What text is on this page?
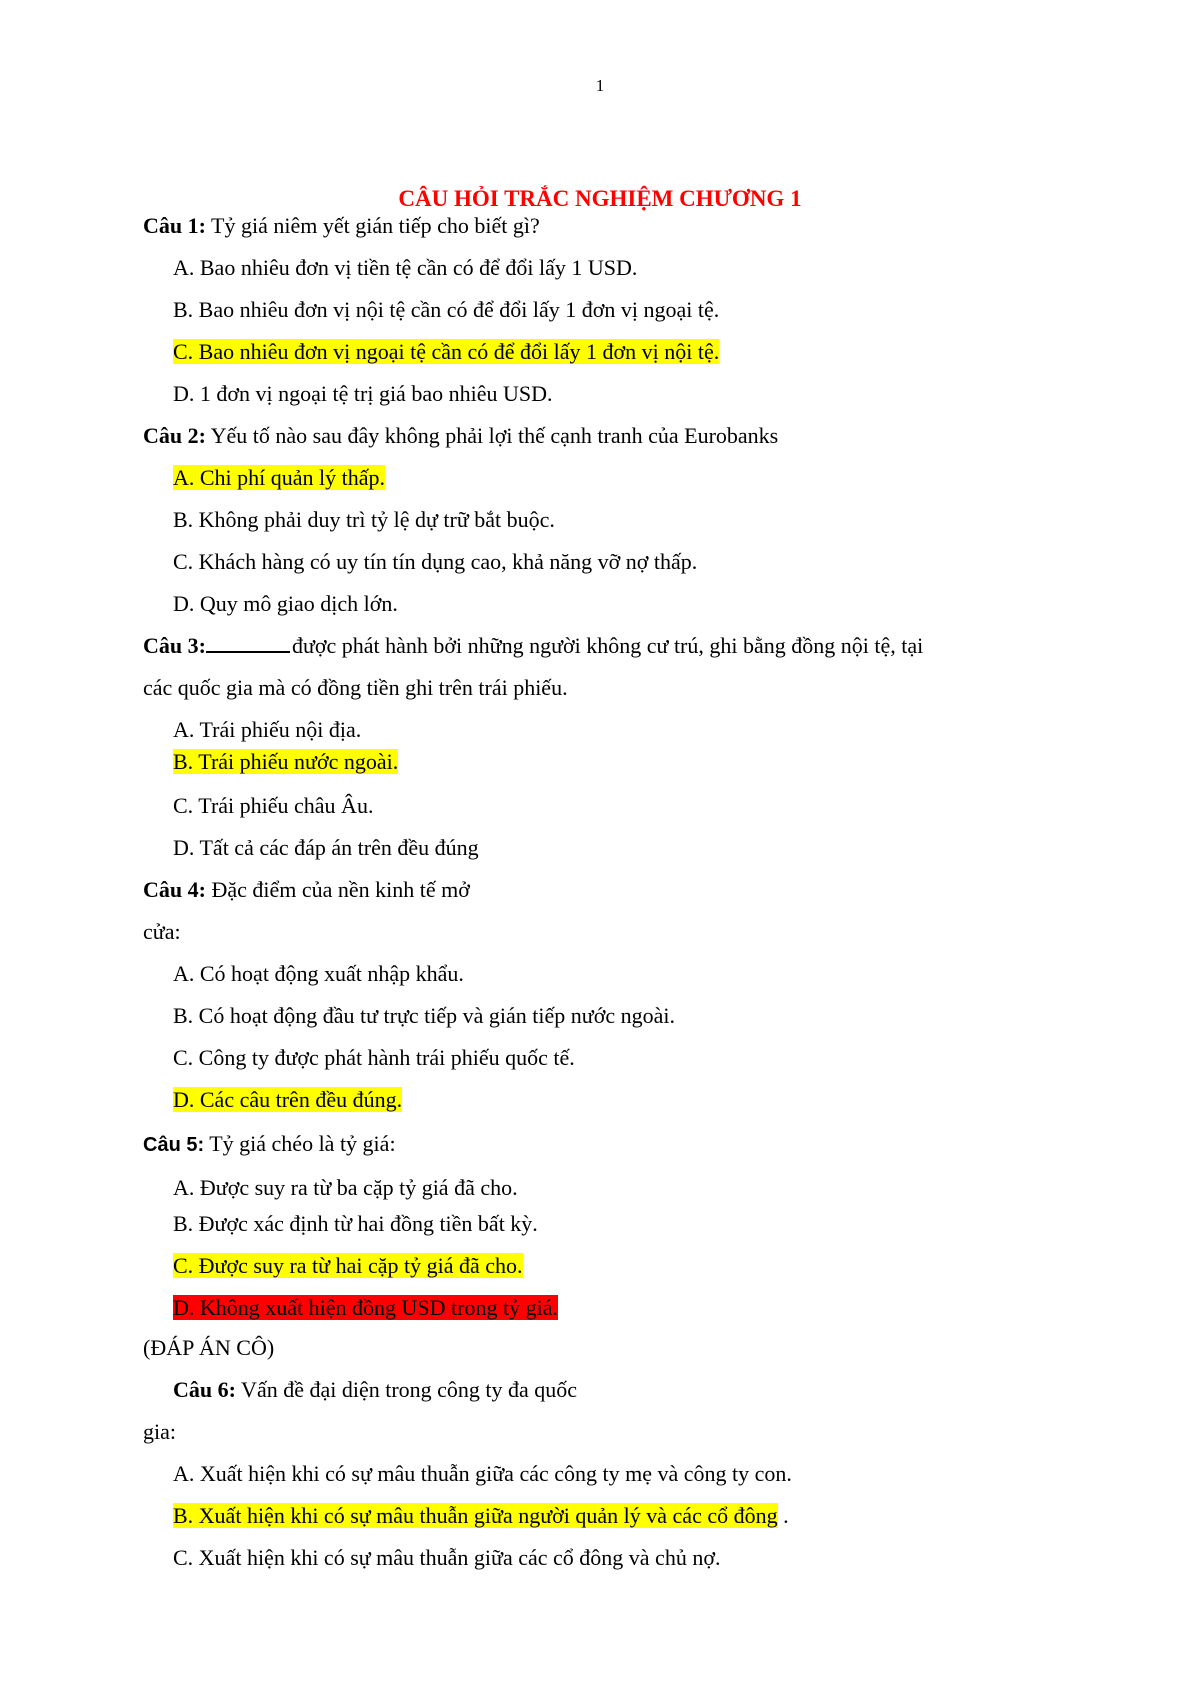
1
CÂU HỎI TRẮC NGHIỆM CHƯƠNG 1
Câu 1: Tỷ giá niêm yết gián tiếp cho biết gì?
A. Bao nhiêu đơn vị tiền tệ cần có để đổi lấy 1 USD.
B. Bao nhiêu đơn vị nội tệ cần có để đổi lấy 1 đơn vị ngoại tệ.
C. Bao nhiêu đơn vị ngoại tệ cần có để đổi lấy 1 đơn vị nội tệ.
D. 1 đơn vị ngoại tệ trị giá bao nhiêu USD.
Câu 2: Yếu tố nào sau đây không phải lợi thế cạnh tranh của Eurobanks
A. Chi phí quản lý thấp.
B. Không phải duy trì tỷ lệ dự trữ bắt buộc.
C. Khách hàng có uy tín tín dụng cao, khả năng vỡ nợ thấp.
D. Quy mô giao dịch lớn.
Câu 3:	được phát hành bởi những người không cư trú, ghi bằng đồng nội tệ, tại
các quốc gia mà có đồng tiền ghi trên trái phiếu.
A. Trái phiếu nội địa.
B. Trái phiếu nước ngoài.
C. Trái phiếu châu Âu.
D. Tất cả các đáp án trên đều đúng
Câu 4: Đặc điểm của nền kinh tế mở
cửa:
A. Có hoạt động xuất nhập khẩu.
B. Có hoạt động đầu tư trực tiếp và gián tiếp nước ngoài.
C. Công ty được phát hành trái phiếu quốc tế.
D. Các câu trên đều đúng.
Câu 5: Tỷ giá chéo là tỷ giá:
A. Được suy ra từ ba cặp tỷ giá đã cho.
B. Được xác định từ hai đồng tiền bất kỳ.
C. Được suy ra từ hai cặp tỷ giá đã cho.
D. Không xuất hiện đồng USD trong tỷ giá.
(ĐÁP ÁN CÔ)
Câu 6: Vấn đề đại diện trong công ty đa quốc
gia:
A. Xuất hiện khi có sự mâu thuẫn giữa các công ty mẹ và công ty con.
B. Xuất hiện khi có sự mâu thuẫn giữa người quản lý và các cổ đông .
C. Xuất hiện khi có sự mâu thuẫn giữa các cổ đông và chủ nợ.
